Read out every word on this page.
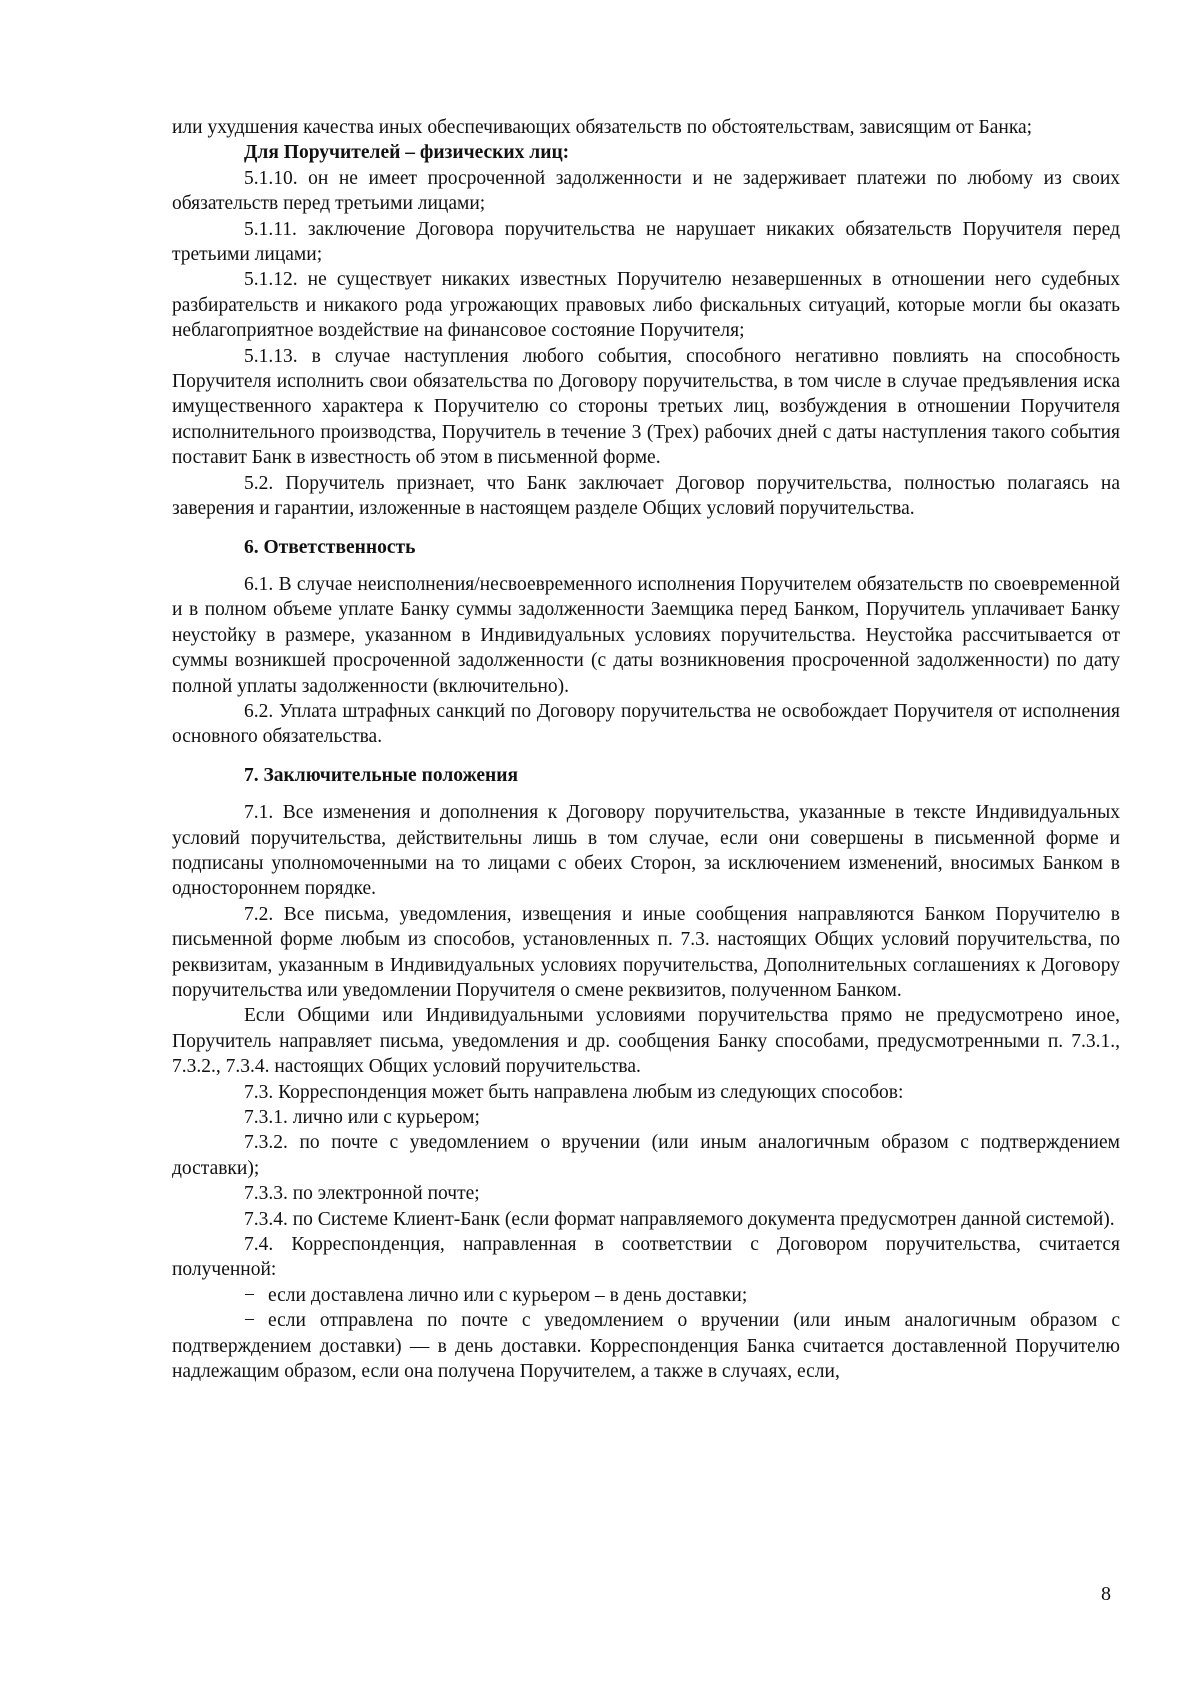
или ухудшения качества иных обеспечивающих обязательств по обстоятельствам, зависящим от Банка;

Для Поручителей – физических лиц:

5.1.10. он не имеет просроченной задолженности и не задерживает платежи по любому из своих обязательств перед третьими лицами;

5.1.11. заключение Договора поручительства не нарушает никаких обязательств Поручителя перед третьими лицами;

5.1.12. не существует никаких известных Поручителю незавершенных в отношении него судебных разбирательств и никакого рода угрожающих правовых либо фискальных ситуаций, которые могли бы оказать неблагоприятное воздействие на финансовое состояние Поручителя;

5.1.13. в случае наступления любого события, способного негативно повлиять на способность Поручителя исполнить свои обязательства по Договору поручительства, в том числе в случае предъявления иска имущественного характера к Поручителю со стороны третьих лиц, возбуждения в отношении Поручителя исполнительного производства, Поручитель в течение 3 (Трех) рабочих дней с даты наступления такого события поставит Банк в известность об этом в письменной форме.

5.2. Поручитель признает, что Банк заключает Договор поручительства, полностью полагаясь на заверения и гарантии, изложенные в настоящем разделе Общих условий поручительства.

6. Ответственность

6.1. В случае неисполнения/несвоевременного исполнения Поручителем обязательств по своевременной и в полном объеме уплате Банку суммы задолженности Заемщика перед Банком, Поручитель уплачивает Банку неустойку в размере, указанном в Индивидуальных условиях поручительства. Неустойка рассчитывается от суммы возникшей просроченной задолженности (с даты возникновения просроченной задолженности) по дату полной уплаты задолженности (включительно).

6.2. Уплата штрафных санкций по Договору поручительства не освобождает Поручителя от исполнения основного обязательства.

7. Заключительные положения

7.1. Все изменения и дополнения к Договору поручительства, указанные в тексте Индивидуальных условий поручительства, действительны лишь в том случае, если они совершены в письменной форме и подписаны уполномоченными на то лицами с обеих Сторон, за исключением изменений, вносимых Банком в одностороннем порядке.

7.2. Все письма, уведомления, извещения и иные сообщения направляются Банком Поручителю в письменной форме любым из способов, установленных п. 7.3. настоящих Общих условий поручительства, по реквизитам, указанным в Индивидуальных условиях поручительства, Дополнительных соглашениях к Договору поручительства или уведомлении Поручителя о смене реквизитов, полученном Банком.

Если Общими или Индивидуальными условиями поручительства прямо не предусмотрено иное, Поручитель направляет письма, уведомления и др. сообщения Банку способами, предусмотренными п. 7.3.1., 7.3.2., 7.3.4. настоящих Общих условий поручительства.

7.3. Корреспонденция может быть направлена любым из следующих способов:

7.3.1. лично или с курьером;

7.3.2. по почте с уведомлением о вручении (или иным аналогичным образом с подтверждением доставки);

7.3.3. по электронной почте;

7.3.4. по Системе Клиент-Банк (если формат направляемого документа предусмотрен данной системой).

7.4. Корреспонденция, направленная в соответствии с Договором поручительства, считается полученной:

− если доставлена лично или с курьером – в день доставки;

− если отправлена по почте с уведомлением о вручении (или иным аналогичным образом с подтверждением доставки) — в день доставки. Корреспонденция Банка считается доставленной Поручителю надлежащим образом, если она получена Поручителем, а также в случаях, если,

8
